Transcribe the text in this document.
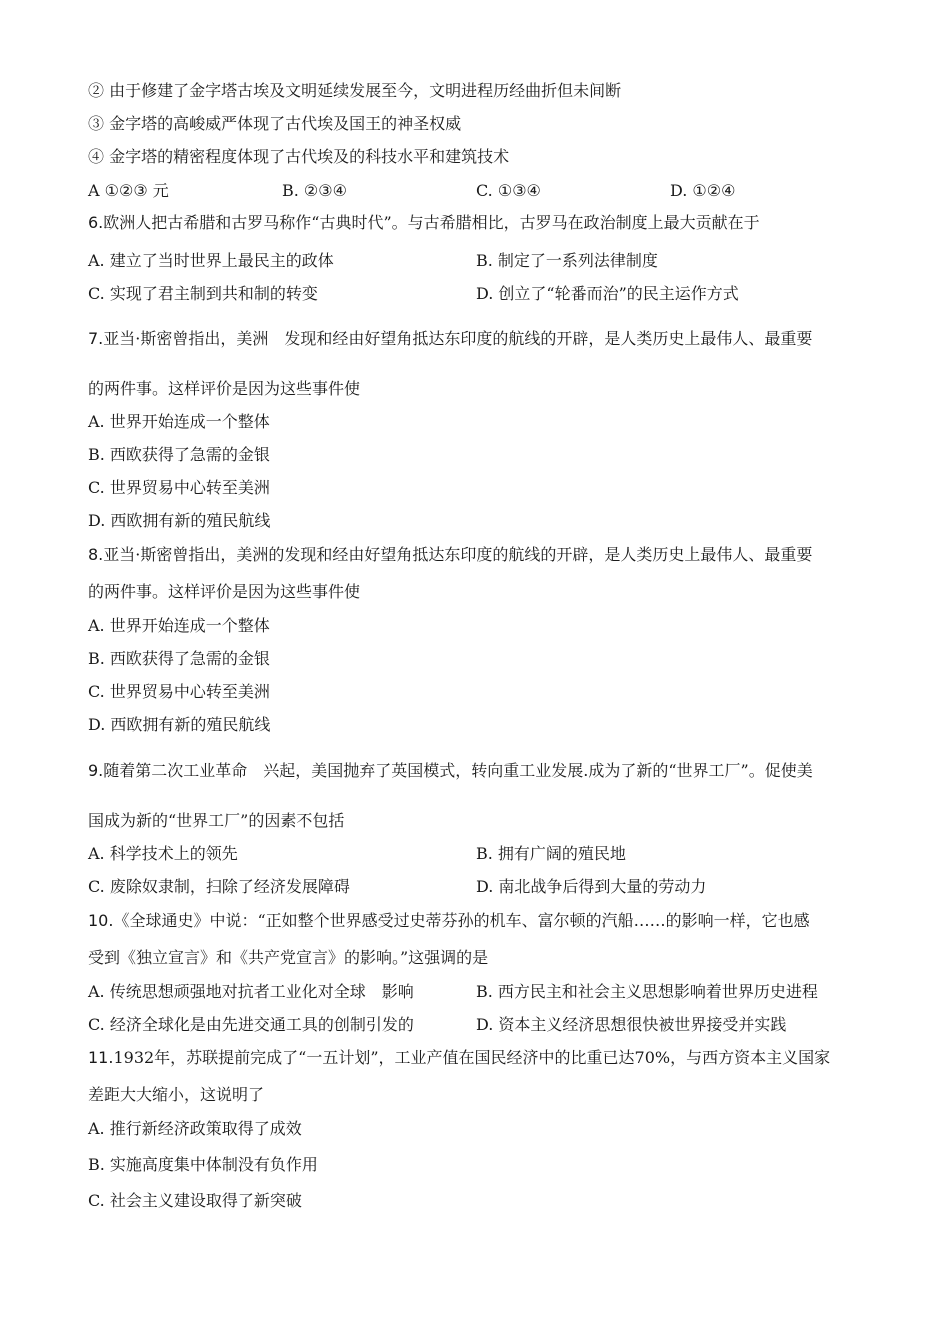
② 由于修建了金字塔古埃及文明延续发展至今，文明进程历经曲折但未间断
③ 金字塔的高峻威严体现了古代埃及国王的神圣权威
④ 金字塔的精密程度体现了古代埃及的科技水平和建筑技术
A ①②③ 元	B. ②③④	C. ①③④	D. ①②④
6.欧洲人把古希腊和古罗马称作“古典时代”。与古希腊相比，古罗马在政治制度上最大贡献在于
A. 建立了当时世界上最民主的政体	B. 制定了一系列法律制度
C. 实现了君主制到共和制的转变	D. 创立了“轮番而治”的民主运作方式
7.亚当·斯密曾指出，美洲　发现和经由好望角抵达东印度的航线的开辟，是人类历史上最伟人、最重要
的两件事。这样评价是因为这些事件使
A. 世界开始连成一个整体
B. 西欧获得了急需的金银
C. 世界贸易中心转至美洲
D. 西欧拥有新的殖民航线
8.亚当·斯密曾指出，美洲的发现和经由好望角抵达东印度的航线的开辟，是人类历史上最伟人、最重要
的两件事。这样评价是因为这些事件使
A. 世界开始连成一个整体
B. 西欧获得了急需的金银
C. 世界贸易中心转至美洲
D. 西欧拥有新的殖民航线
9.随着第二次工业革命　兴起，美国抛弃了英国模式，转向重工业发展.成为了新的“世界工厂”。促使美
国成为新的“世界工厂”的因素不包括
A. 科学技术上的领先	B. 拥有广阔的殖民地
C. 废除奴隶制，扫除了经济发展障碍	D. 南北战争后得到大量的劳动力
10.《全球通史》中说：“正如整个世界感受过史蒂芬孙的机车、富尔顿的汽船……的影响一样，它也感
受到《独立宣言》和《共产党宣言》的影响。”这强调的是
A. 传统思想顽强地对抗者工业化对全球　影响	B. 西方民主和社会主义思想影响着世界历史进程
C. 经济全球化是由先进交通工具的创制引发的	D. 资本主义经济思想很快被世界接受并实践
11.1932年，苏联提前完成了“一五计划”，工业产值在国民经济中的比重已达70%，与西方资本主义国家
差距大大缩小，这说明了
A. 推行新经济政策取得了成效
B. 实施高度集中体制没有负作用
C. 社会主义建设取得了新突破
